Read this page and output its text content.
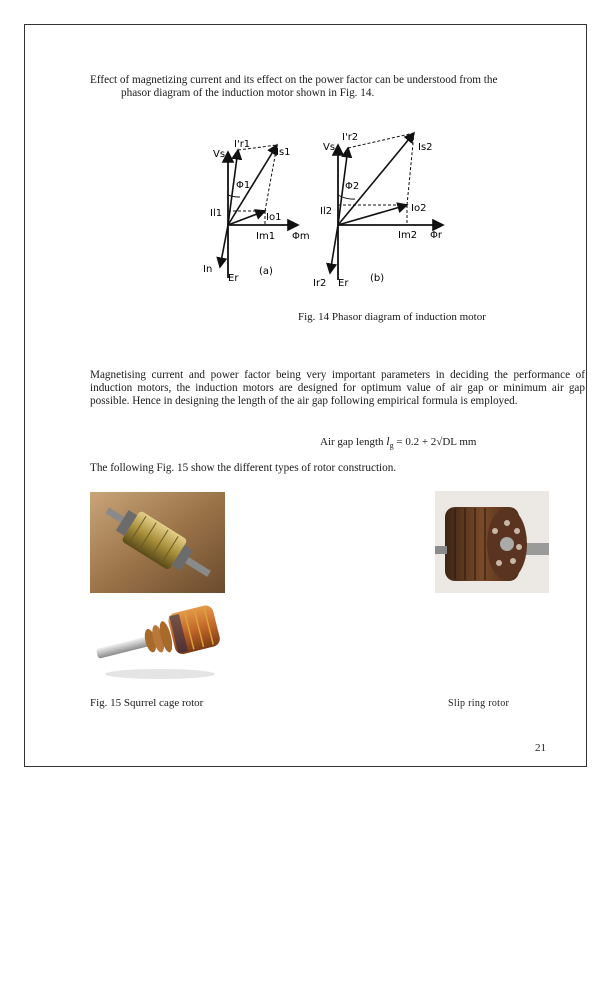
Effect of magnetizing current and its effect on the power factor can be understood from the
phasor diagram of the induction motor shown in Fig. 14.

Vs
I'r1
Is1
Φ1
Il1	Io1
Im1 Φm
In
Er
(a)
Vs
I'r2
Is2
Φ2
Il2	Io2
Im2 Φr
Ir2 Er (b)
Fig. 14 Phasor diagram of induction motor

Magnetising current and power factor being very important parameters in deciding the performance of induction motors, the induction motors are designed for optimum value of air gap or minimum air gap possible. Hence in designing the length of the air gap following empirical formula is employed.

Air gap length $l_g = 0.2 + 2√DL$ mm

The following Fig. 15 show the different types of rotor construction.

Fig. 15 Squrrel cage rotor	Slip ring rotor
21
